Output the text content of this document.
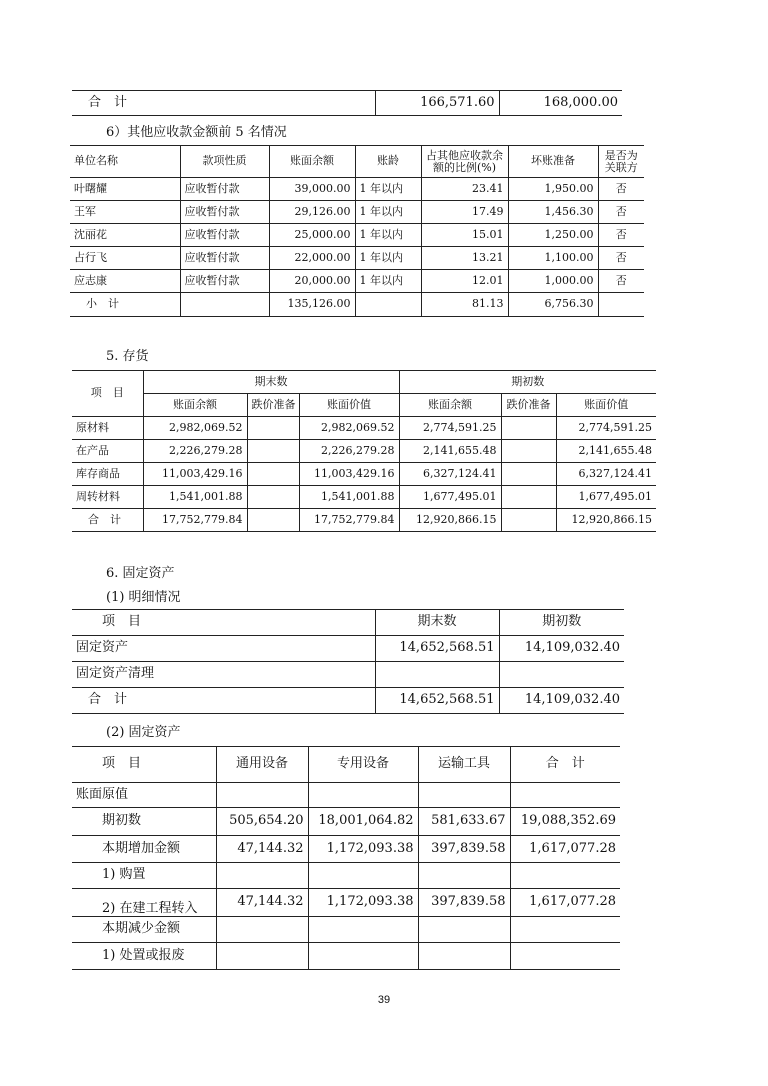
合　计	166,571.60	168,000.00
6）其他应收款金额前 5 名情况
单位名称	款项性质	账面余额	账龄	占其他应收款余额的比例(%)	坏账准备	是否为关联方
叶曙耀	应收暂付款	39,000.00	1 年以内	23.41	1,950.00	否
王军	应收暂付款	29,126.00	1 年以内	17.49	1,456.30	否
沈丽花	应收暂付款	25,000.00	1 年以内	15.01	1,250.00	否
占行飞	应收暂付款	22,000.00	1 年以内	13.21	1,100.00	否
应志康	应收暂付款	20,000.00	1 年以内	12.01	1,000.00	否
小　计		135,126.00		81.13	6,756.30	
5. 存货
项　目	期末数			期初数		
	账面余额	跌价准备	账面价值	账面余额	跌价准备	账面价值
原材料	2,982,069.52		2,982,069.52	2,774,591.25		2,774,591.25
在产品	2,226,279.28		2,226,279.28	2,141,655.48		2,141,655.48
库存商品	11,003,429.16		11,003,429.16	6,327,124.41		6,327,124.41
周转材料	1,541,001.88		1,541,001.88	1,677,495.01		1,677,495.01
合　计	17,752,779.84		17,752,779.84	12,920,866.15		12,920,866.15
6. 固定资产
(1) 明细情况
项　目	期末数	期初数
固定资产	14,652,568.51	14,109,032.40
固定资产清理		
合　计	14,652,568.51	14,109,032.40
(2) 固定资产
项　目	通用设备	专用设备	运输工具	合　计
账面原值				
期初数	505,654.20	18,001,064.82	581,633.67	19,088,352.69
本期增加金额	47,144.32	1,172,093.38	397,839.58	1,617,077.28
1) 购置				
2) 在建工程转入	47,144.32	1,172,093.38	397,839.58	1,617,077.28
本期减少金额				
1) 处置或报废				
39
